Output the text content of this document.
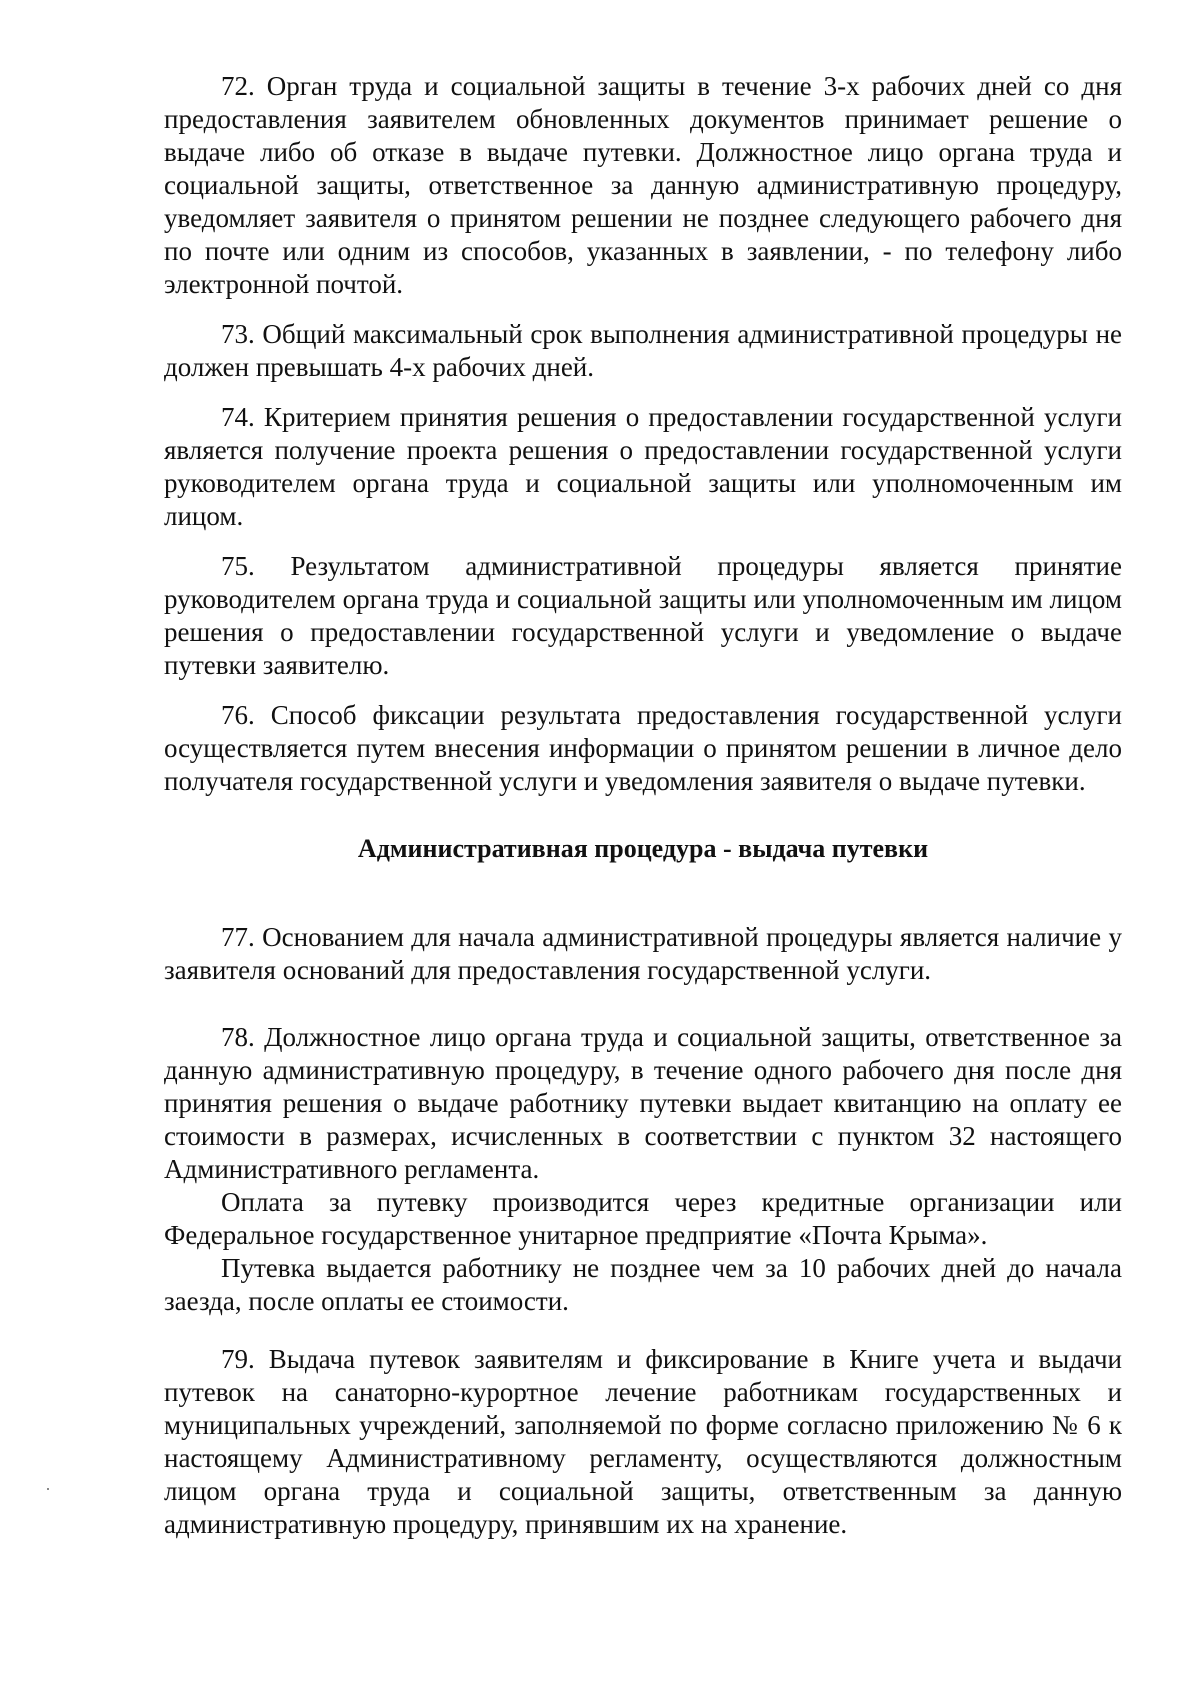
72. Орган труда и социальной защиты в течение 3-х рабочих дней со дня предоставления заявителем обновленных документов принимает решение о выдаче либо об отказе в выдаче путевки. Должностное лицо органа труда и социальной защиты, ответственное за данную административную процедуру, уведомляет заявителя о принятом решении не позднее следующего рабочего дня по почте или одним из способов, указанных в заявлении, - по телефону либо электронной почтой.

73. Общий максимальный срок выполнения административной процедуры не должен превышать 4-х рабочих дней.

74. Критерием принятия решения о предоставлении государственной услуги является получение проекта решения о предоставлении государственной услуги руководителем органа труда и социальной защиты или уполномоченным им лицом.

75. Результатом административной процедуры является принятие руководителем органа труда и социальной защиты или уполномоченным им лицом решения о предоставлении государственной услуги и уведомление о выдаче путевки заявителю.

76. Способ фиксации результата предоставления государственной услуги осуществляется путем внесения информации о принятом решении в личное дело получателя государственной услуги и уведомления заявителя о выдаче путевки.

Административная процедура - выдача путевки

77. Основанием для начала административной процедуры является наличие у заявителя оснований для предоставления государственной услуги.

78. Должностное лицо органа труда и социальной защиты, ответственное за данную административную процедуру, в течение одного рабочего дня после дня принятия решения о выдаче работнику путевки выдает квитанцию на оплату ее стоимости в размерах, исчисленных в соответствии с пунктом 32 настоящего Административного регламента.

Оплата за путевку производится через кредитные организации или Федеральное государственное унитарное предприятие «Почта Крыма».

Путевка выдается работнику не позднее чем за 10 рабочих дней до начала заезда, после оплаты ее стоимости.

79. Выдача путевок заявителям и фиксирование в Книге учета и выдачи путевок на санаторно-курортное лечение работникам государственных и муниципальных учреждений, заполняемой по форме согласно приложению № 6 к настоящему Административному регламенту, осуществляются должностным лицом органа труда и социальной защиты, ответственным за данную административную процедуру, принявшим их на хранение.
